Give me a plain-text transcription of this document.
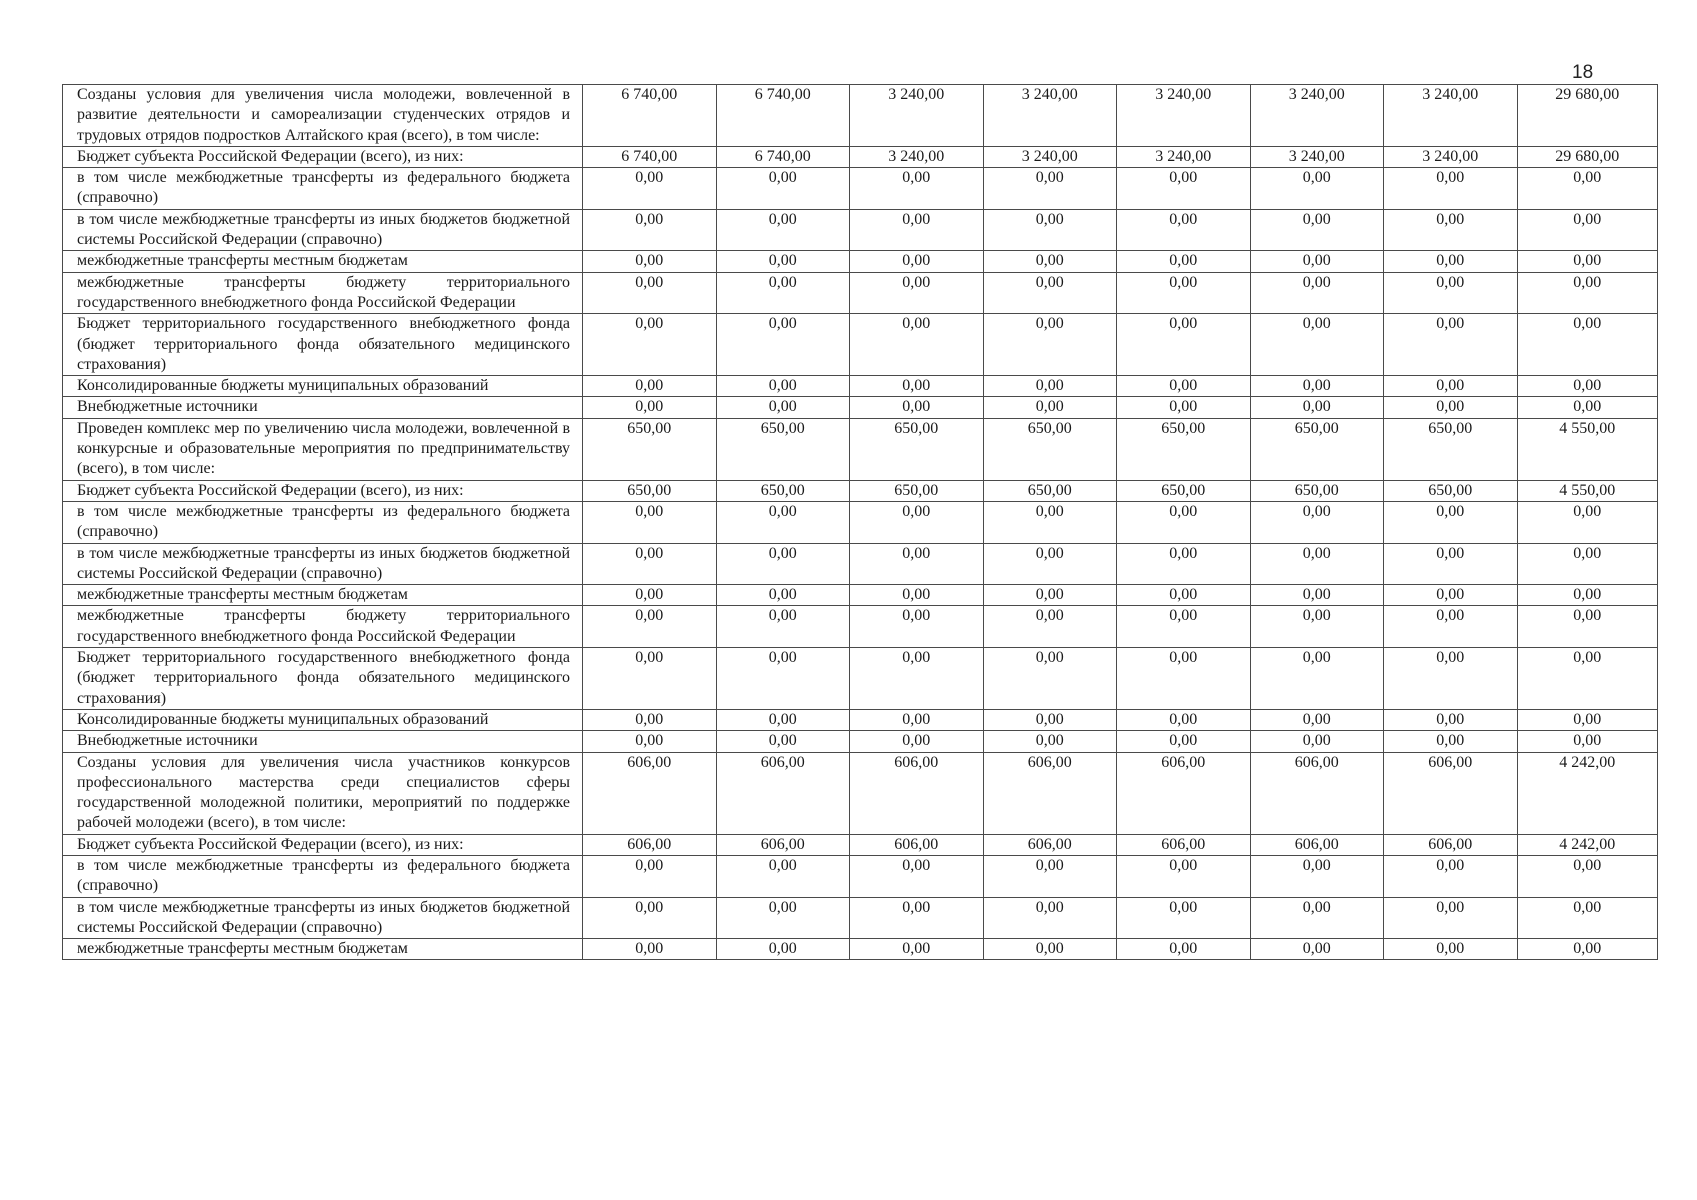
18
Созданы условия для увеличения числа молодежи, вовлеченной в развитие деятельности и самореализации студенческих отрядов и трудовых отрядов подростков Алтайского края (всего), в том числе:	6 740,00	6 740,00	3 240,00	3 240,00	3 240,00	3 240,00	3 240,00	29 680,00
Бюджет субъекта Российской Федерации (всего), из них:	6 740,00	6 740,00	3 240,00	3 240,00	3 240,00	3 240,00	3 240,00	29 680,00
в том числе межбюджетные трансферты из федерального бюджета (справочно)	0,00	0,00	0,00	0,00	0,00	0,00	0,00	0,00
в том числе межбюджетные трансферты из иных бюджетов бюджетной системы Российской Федерации (справочно)	0,00	0,00	0,00	0,00	0,00	0,00	0,00	0,00
межбюджетные трансферты местным бюджетам	0,00	0,00	0,00	0,00	0,00	0,00	0,00	0,00
межбюджетные трансферты бюджету территориального государственного внебюджетного фонда Российской Федерации	0,00	0,00	0,00	0,00	0,00	0,00	0,00	0,00
Бюджет территориального государственного внебюджетного фонда (бюджет территориального фонда обязательного медицинского страхования)	0,00	0,00	0,00	0,00	0,00	0,00	0,00	0,00
Консолидированные бюджеты муниципальных образований	0,00	0,00	0,00	0,00	0,00	0,00	0,00	0,00
Внебюджетные источники	0,00	0,00	0,00	0,00	0,00	0,00	0,00	0,00
Проведен комплекс мер по увеличению числа молодежи, вовлеченной в конкурсные и образовательные мероприятия по предпринимательству (всего), в том числе:	650,00	650,00	650,00	650,00	650,00	650,00	650,00	4 550,00
Бюджет субъекта Российской Федерации (всего), из них:	650,00	650,00	650,00	650,00	650,00	650,00	650,00	4 550,00
в том числе межбюджетные трансферты из федерального бюджета (справочно)	0,00	0,00	0,00	0,00	0,00	0,00	0,00	0,00
в том числе межбюджетные трансферты из иных бюджетов бюджетной системы Российской Федерации (справочно)	0,00	0,00	0,00	0,00	0,00	0,00	0,00	0,00
межбюджетные трансферты местным бюджетам	0,00	0,00	0,00	0,00	0,00	0,00	0,00	0,00
межбюджетные трансферты бюджету территориального государственного внебюджетного фонда Российской Федерации	0,00	0,00	0,00	0,00	0,00	0,00	0,00	0,00
Бюджет территориального государственного внебюджетного фонда (бюджет территориального фонда обязательного медицинского страхования)	0,00	0,00	0,00	0,00	0,00	0,00	0,00	0,00
Консолидированные бюджеты муниципальных образований	0,00	0,00	0,00	0,00	0,00	0,00	0,00	0,00
Внебюджетные источники	0,00	0,00	0,00	0,00	0,00	0,00	0,00	0,00
Созданы условия для увеличения числа участников конкурсов профессионального мастерства среди специалистов сферы государственной молодежной политики, мероприятий по поддержке рабочей молодежи (всего), в том числе:	606,00	606,00	606,00	606,00	606,00	606,00	606,00	4 242,00
Бюджет субъекта Российской Федерации (всего), из них:	606,00	606,00	606,00	606,00	606,00	606,00	606,00	4 242,00
в том числе межбюджетные трансферты из федерального бюджета (справочно)	0,00	0,00	0,00	0,00	0,00	0,00	0,00	0,00
в том числе межбюджетные трансферты из иных бюджетов бюджетной системы Российской Федерации (справочно)	0,00	0,00	0,00	0,00	0,00	0,00	0,00	0,00
межбюджетные трансферты местным бюджетам	0,00	0,00	0,00	0,00	0,00	0,00	0,00	0,00
